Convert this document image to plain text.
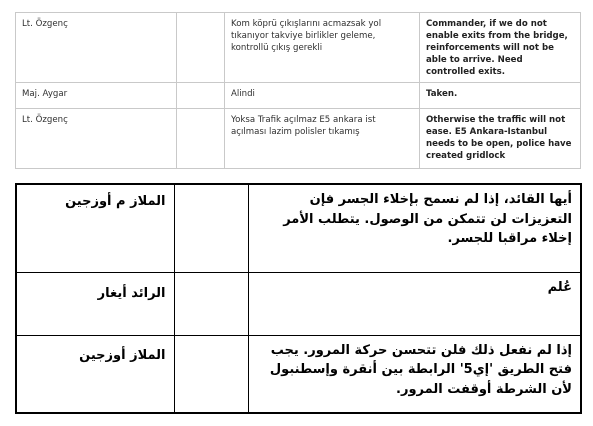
Lt. Özgenç		Kom köprü çıkışlarını acmazsak yol tıkanıyor takviye birlikler geleme, kontrollü çıkış gerekli	Commander, if we do not enable exits from the bridge, reinforcements will not be able to arrive. Need controlled exits.
Maj. Aygar		Alindi	Taken.
Lt. Özgenç		Yoksa Trafik açılmaz E5 ankara ist açılması lazim polisler tıkamış	Otherwise the traffic will not ease. E5 Ankara-Istanbul needs to be open, police have created gridlock
الملاز م أوزجين		أيها القائد، إذا لم نسمح بإخلاء الجسر فإن التعزيزات لن تتمكن من الوصول. يتطلب الأمر إخلاء مراقبا للجسر.
الرائد أيغار		عُلم
الملاز أوزجين		إذا لم نفعل ذلك فلن تتحسن حركة المرور. يجب فتح الطريق 'إي5' الرابطة بين أنقرة وإسطنبول لأن الشرطة أوقفت المرور.
